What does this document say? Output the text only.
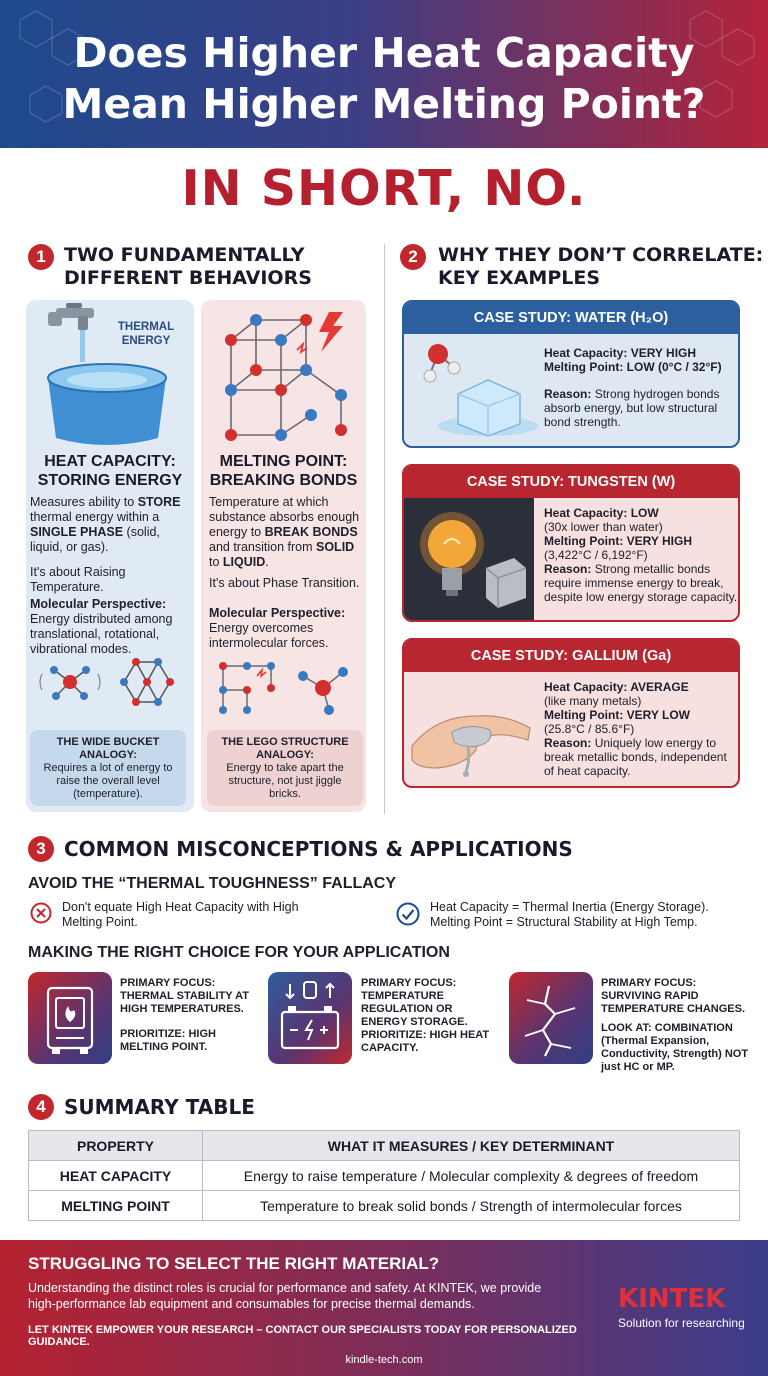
Does Higher Heat Capacity
Mean Higher Melting Point?
IN SHORT, NO.
1 TWO FUNDAMENTALLY
DIFFERENT BEHAVIORS
THERMAL
ENERGY
HEAT CAPACITY:
STORING ENERGY
Measures ability to STORE thermal energy within a SINGLE PHASE (solid, liquid, or gas).
It's about Raising Temperature.
Molecular Perspective:
Energy distributed among translational, rotational, vibrational modes.
THE WIDE BUCKET ANALOGY:
Requires a lot of energy to raise the overall level (temperature).
MELTING POINT:
BREAKING BONDS
Temperature at which substance absorbs enough energy to BREAK BONDS and transition from SOLID to LIQUID.
It's about Phase Transition.
Molecular Perspective:
Energy overcomes intermolecular forces.
THE LEGO STRUCTURE ANALOGY:
Energy to take apart the structure, not just jiggle bricks.
2	WHY THEY DON’T CORRELATE:
KEY EXAMPLES
CASE STUDY: WATER (H₂O)
Heat Capacity: VERY HIGH
Melting Point: LOW (0°C / 32°F)
Reason: Strong hydrogen bonds absorb energy, but low structural bond strength.
CASE STUDY: TUNGSTEN (W)
Heat Capacity: LOW
(30x lower than water)
Melting Point: VERY HIGH
(3,422°C / 6,192°F)
Reason: Strong metallic bonds require immense energy to break, despite low energy storage capacity.
CASE STUDY: GALLIUM (Ga)
Heat Capacity: AVERAGE
(like many metals)
Melting Point: VERY LOW
(25.8°C / 85.6°F)
Reason: Uniquely low energy to break metallic bonds, independent of heat capacity.
3 COMMON MISCONCEPTIONS & APPLICATIONS
AVOID THE “THERMAL TOUGHNESS” FALLACY
Don't equate High Heat Capacity with High Melting Point.
Heat Capacity = Thermal Inertia (Energy Storage).
Melting Point = Structural Stability at High Temp.
MAKING THE RIGHT CHOICE FOR YOUR APPLICATION
PRIMARY FOCUS: THERMAL STABILITY AT HIGH TEMPERATURES.
PRIORITIZE: HIGH MELTING POINT.
PRIMARY FOCUS: TEMPERATURE REGULATION OR ENERGY STORAGE.
PRIORITIZE: HIGH HEAT CAPACITY.
PRIMARY FOCUS: SURVIVING RAPID TEMPERATURE CHANGES.
LOOK AT: COMBINATION (Thermal Expansion, Conductivity, Strength) NOT just HC or MP.
4 SUMMARY TABLE
PROPERTY	WHAT IT MEASURES / KEY DETERMINANT
HEAT CAPACITY	Energy to raise temperature / Molecular complexity & degrees of freedom
MELTING POINT	Temperature to break solid bonds / Strength of intermolecular forces
STRUGGLING TO SELECT THE RIGHT MATERIAL?
Understanding the distinct roles is crucial for performance and safety. At KINTEK, we provide
high-performance lab equipment and consumables for precise thermal demands.
LET KINTEK EMPOWER YOUR RESEARCH – CONTACT OUR SPECIALISTS TODAY FOR PERSONALIZED GUIDANCE.
KINTEK
Solution for researching
kindle-tech.com
